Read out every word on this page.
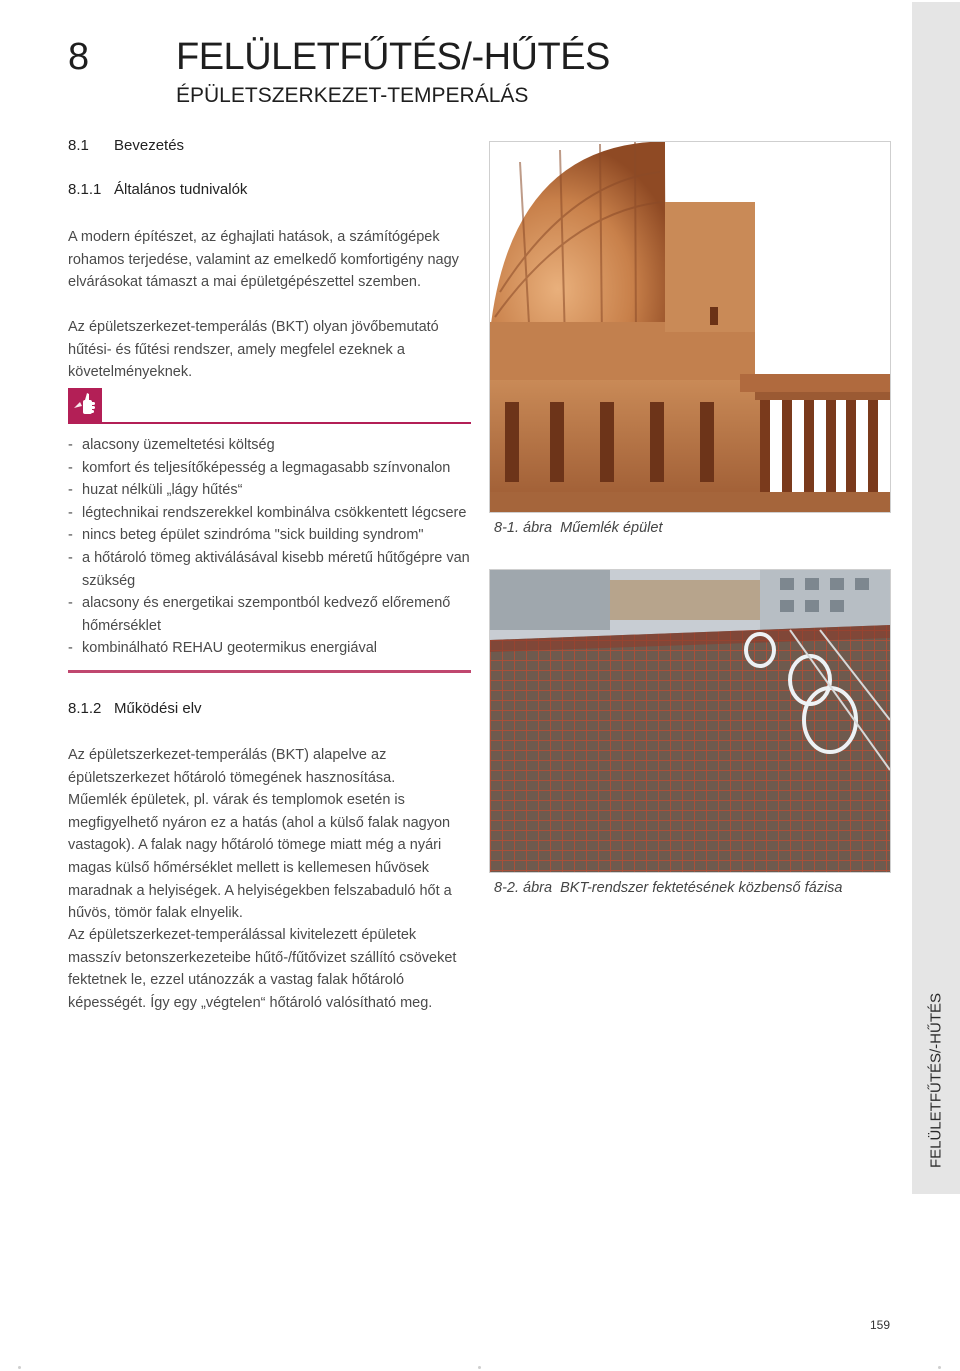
8 FELÜLETFŰTÉS/-HŰTÉS
ÉPÜLETSZERKEZET-TEMPERÁLÁS
8.1 Bevezetés
8.1.1 Általános tudnivalók

A modern építészet, az éghajlati hatások, a számítógépek rohamos terjedése, valamint az emelkedő komfortigény nagy elvárásokat támaszt a mai épületgépészettel szemben.

Az épületszerkezet-temperálás (BKT) olyan jövőbemutató hűtési- és fűtési rendszer, amely megfelel ezeknek a követelményeknek.

- alacsony üzemeltetési költség
- komfort és teljesítőképesség a legmagasabb színvonalon
- huzat nélküli „lágy hűtés“
- légtechnikai rendszerekkel kombinálva csökkentett légcsere
- nincs beteg épület szindróma "sick building syndrom"
- a hőtároló tömeg aktiválásával kisebb méretű hűtőgépre van szükség
- alacsony és energetikai szempontból kedvező előremenő hőmérséklet
- kombinálható REHAU geotermikus energiával
8.1.2 Működési elv

Az épületszerkezet-temperálás (BKT) alapelve az épületszerkezet hőtároló tömegének hasznosítása.

Műemlék épületek, pl. várak és templomok esetén is megfigyelhető nyáron ez a hatás (ahol a külső falak nagyon vastagok). A falak nagy hőtároló tömege miatt még a nyári magas külső hőmérséklet mellett is kellemesen hűvösek maradnak a helyiségek. A helyiségekben felszabaduló hőt a hűvös, tömör falak elnyelik.

Az épületszerkezet-temperálással kivitelezett épületek masszív betonszerkezeteibe hűtő-/fűtővizet szállító csöveket fektetnek le, ezzel utánozzák a vastag falak hőtároló képességét. Így egy „végtelen“ hőtároló valósítható meg.

8-1. ábra Műemlék épület
8-2. ábra BKT-rendszer fektetésének közbenső fázisa
FELÜLETFŰTÉS/-HŰTÉS
159
